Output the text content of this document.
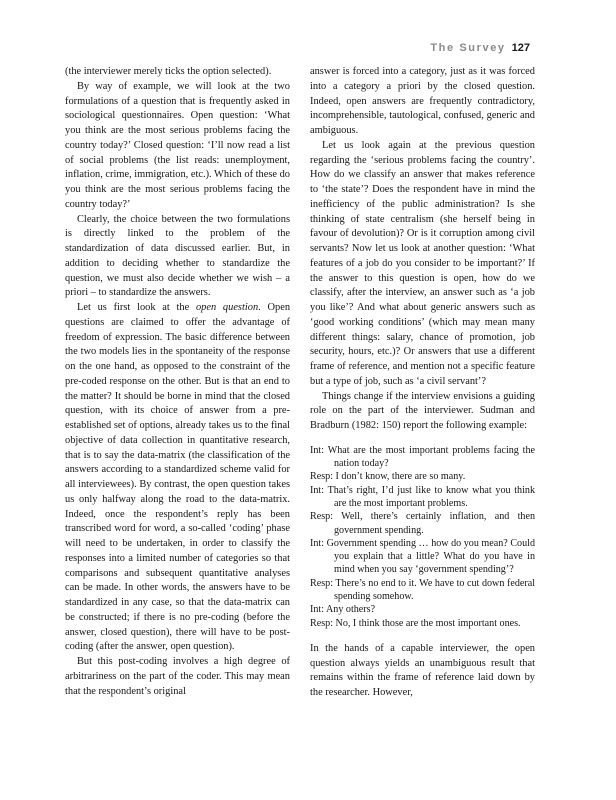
The Survey 127

(the interviewer merely ticks the option selected).

By way of example, we will look at the two formulations of a question that is frequently asked in sociological questionnaires. Open question: ‘What you think are the most serious problems facing the country today?’ Closed question: ‘I’ll now read a list of social problems (the list reads: unemployment, inflation, crime, immigration, etc.). Which of these do you think are the most serious problems facing the country today?’

Clearly, the choice between the two formulations is directly linked to the problem of the standardization of data discussed earlier. But, in addition to deciding whether to standardize the question, we must also decide whether we wish – a priori – to standardize the answers.

Let us first look at the open question. Open questions are claimed to offer the advantage of freedom of expression. The basic difference between the two models lies in the spontaneity of the response on the one hand, as opposed to the constraint of the pre-coded response on the other. But is that an end to the matter? It should be borne in mind that the closed question, with its choice of answer from a pre-established set of options, already takes us to the final objective of data collection in quantitative research, that is to say the data-matrix (the classification of the answers according to a standardized scheme valid for all interviewees). By contrast, the open question takes us only halfway along the road to the data-matrix. Indeed, once the respondent’s reply has been transcribed word for word, a so-called ‘coding’ phase will need to be undertaken, in order to classify the responses into a limited number of categories so that comparisons and subsequent quantitative analyses can be made. In other words, the answers have to be standardized in any case, so that the data-matrix can be constructed; if there is no pre-coding (before the answer, closed question), there will have to be post-coding (after the answer, open question).

But this post-coding involves a high degree of arbitrariness on the part of the coder. This may mean that the respondent’s original

answer is forced into a category, just as it was forced into a category a priori by the closed question. Indeed, open answers are frequently contradictory, incomprehensible, tautological, confused, generic and ambiguous.

Let us look again at the previous question regarding the ‘serious problems facing the country’. How do we classify an answer that makes reference to ‘the state’? Does the respondent have in mind the inefficiency of the public administration? Is she thinking of state centralism (she herself being in favour of devolution)? Or is it corruption among civil servants? Now let us look at another question: ‘What features of a job do you consider to be important?’ If the answer to this question is open, how do we classify, after the interview, an answer such as ‘a job you like’? And what about generic answers such as ‘good working conditions’ (which may mean many different things: salary, chance of promotion, job security, hours, etc.)? Or answers that use a different frame of reference, and mention not a specific feature but a type of job, such as ‘a civil servant’?

Things change if the interview envisions a guiding role on the part of the interviewer. Sudman and Bradburn (1982: 150) report the following example:

Int: What are the most important problems facing the nation today?

Resp: I don’t know, there are so many.

Int: That’s right, I’d just like to know what you think are the most important problems.

Resp: Well, there’s certainly inflation, and then government spending.

Int: Government spending … how do you mean? Could you explain that a little? What do you have in mind when you say ‘government spending’?

Resp: There’s no end to it. We have to cut down federal spending somehow.

Int: Any others?

Resp: No, I think those are the most important ones.

In the hands of a capable interviewer, the open question always yields an unambiguous result that remains within the frame of reference laid down by the researcher. However,
